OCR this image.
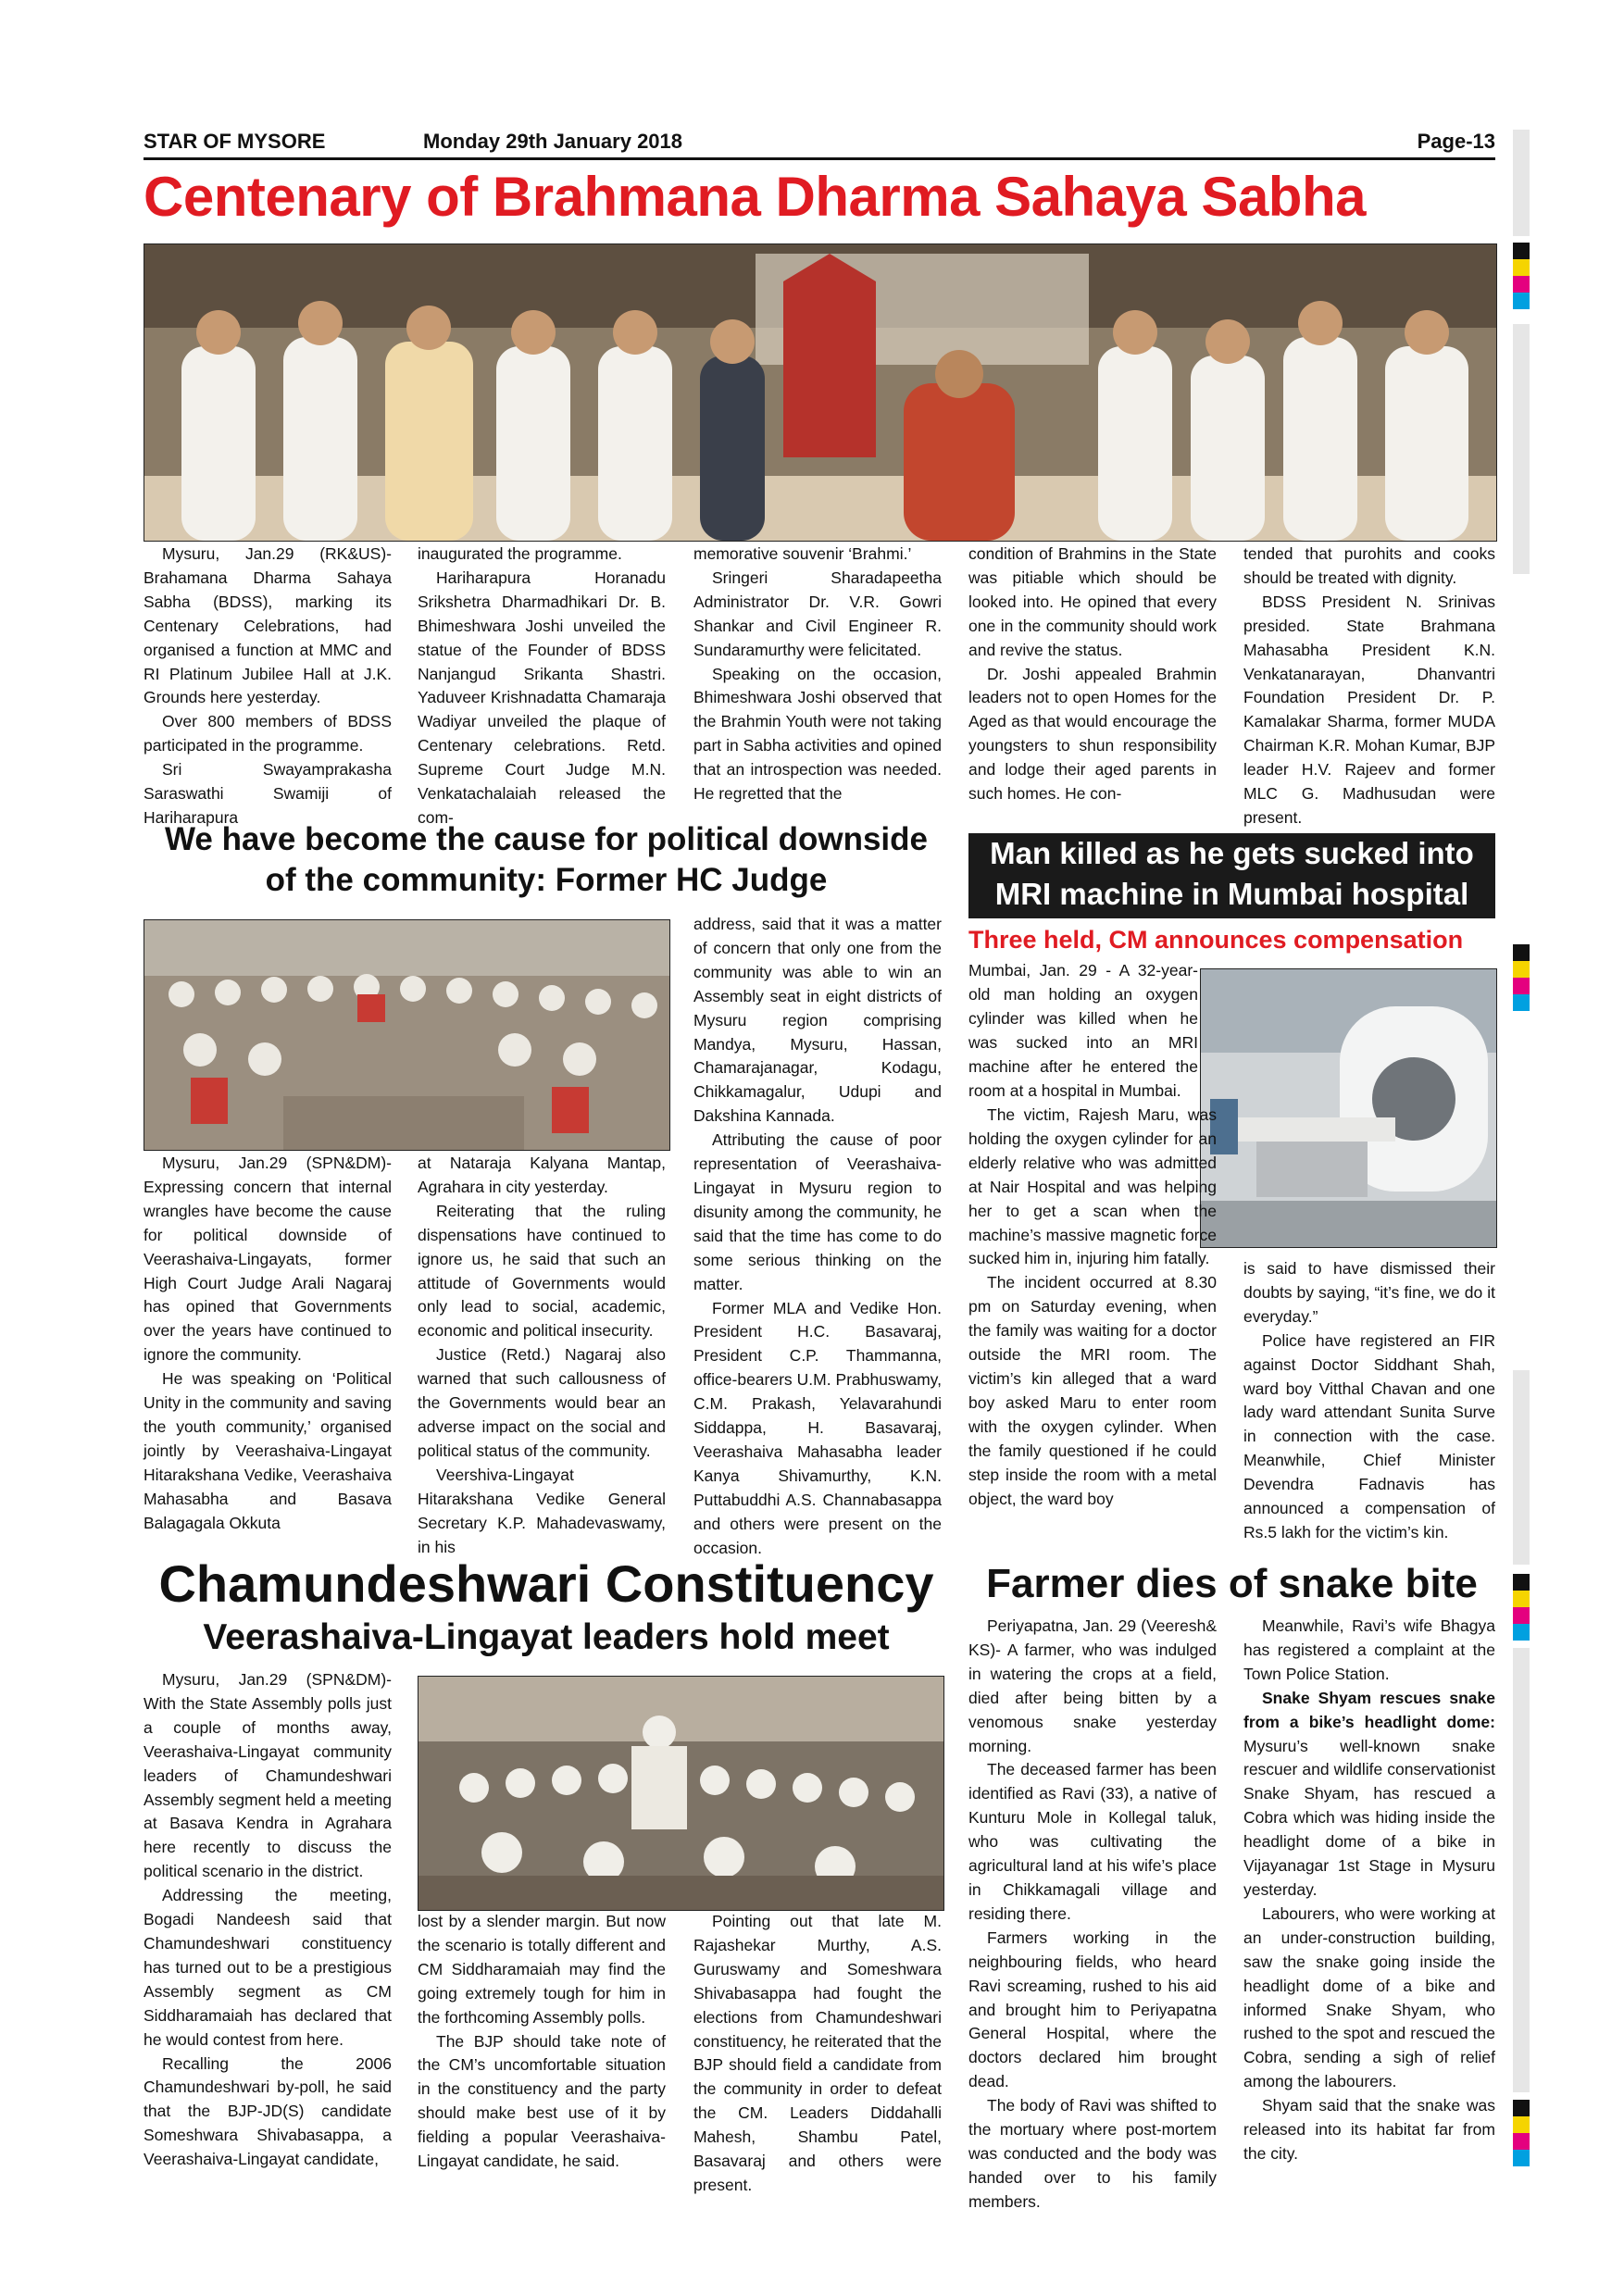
STAR OF MYSORE	Monday 29th January 2018	Page-13
Centenary of Brahmana Dharma Sahaya Sabha

Mysuru, Jan.29 (RK&US)- Brahamana Dharma Sahaya Sabha (BDSS), marking its Centenary Celebrations, had organised a function at MMC and RI Platinum Jubilee Hall at J.K. Grounds here yesterday.

Over 800 members of BDSS participated in the programme.

Sri Swayamprakasha Saraswathi Swamiji of Hariharapura

inaugurated the programme.

Hariharapura Horanadu Srikshetra Dharmadhikari Dr. B. Bhimeshwara Joshi unveiled the statue of the Founder of BDSS Nanjangud Srikanta Shastri. Yaduveer Krishnadatta Chamaraja Wadiyar unveiled the plaque of Centenary celebrations. Retd. Supreme Court Judge M.N. Venkatachalaiah released the com-

memorative souvenir ‘Brahmi.’

Sringeri Sharadapeetha Administrator Dr. V.R. Gowri Shankar and Civil Engineer R. Sundaramurthy were felicitated.

Speaking on the occasion, Bhimeshwara Joshi observed that the Brahmin Youth were not taking part in Sabha activities and opined that an introspection was needed. He regretted that the

condition of Brahmins in the State was pitiable which should be looked into. He opined that every one in the community should work and revive the status.

Dr. Joshi appealed Brahmin leaders not to open Homes for the Aged as that would encourage the youngsters to shun responsibility and lodge their aged parents in such homes. He con-

tended that purohits and cooks should be treated with dignity.

BDSS President N. Srinivas presided. State Brahmana Mahasabha President K.N. Venkatanarayan, Dhanvantri Foundation President Dr. P. Kamalakar Sharma, former MUDA Chairman K.R. Mohan Kumar, BJP leader H.V. Rajeev and former MLC G. Madhusudan were present.

We have become the cause for political downside
of the community: Former HC Judge

Mysuru, Jan.29 (SPN&DM)- Expressing concern that internal wrangles have become the cause for political downside of Veerashaiva-Lingayats, former High Court Judge Arali Nagaraj has opined that Governments over the years have continued to ignore the community.

He was speaking on ‘Political Unity in the community and saving the youth community,’ organised jointly by Veerashaiva-Lingayat Hitarakshana Vedike, Veerashaiva Mahasabha and Basava Balagagala Okkuta

at Nataraja Kalyana Mantap, Agrahara in city yesterday.

Reiterating that the ruling dispensations have continued to ignore us, he said that such an attitude of Governments would only lead to social, academic, economic and political insecurity.

Justice (Retd.) Nagaraj also warned that such callousness of the Governments would bear an adverse impact on the social and political status of the community.

Veershiva-Lingayat Hitarakshana Vedike General Secretary K.P. Mahadevaswamy, in his

address, said that it was a matter of concern that only one from the community was able to win an Assembly seat in eight districts of Mysuru region comprising Mandya, Mysuru, Hassan, Chamarajanagar, Kodagu, Chikkamagalur, Udupi and Dakshina Kannada.

Attributing the cause of poor representation of Veerashaiva-Lingayat in Mysuru region to disunity among the community, he said that the time has come to do some serious thinking on the matter.

Former MLA and Vedike Hon. President H.C. Basavaraj, President C.P. Thammanna, office-bearers U.M. Prabhuswamy, C.M. Prakash, Yelavarahundi Siddappa, H. Basavaraj, Veerashaiva Mahasabha leader Kanya Shivamurthy, K.N. Puttabuddhi A.S. Channabasappa and others were present on the occasion.

Man killed as he gets sucked into MRI machine in Mumbai hospital
Three held, CM announces compensation

Mumbai, Jan. 29 - A 32-year-old man holding an oxygen cylinder was killed when he was sucked into an MRI machine after he entered the room at a hospital in Mumbai.

The victim, Rajesh Maru, was holding the oxygen cylinder for an elderly relative who was admitted at Nair Hospital and was helping her to get a scan when the machine’s massive magnetic force sucked him in, injuring him fatally.

The incident occurred at 8.30 pm on Saturday evening, when the family was waiting for a doctor outside the MRI room. The victim’s kin alleged that a ward boy asked Maru to enter room with the oxygen cylinder. When the family questioned if he could step inside the room with a metal object, the ward boy

is said to have dismissed their doubts by saying, “it’s fine, we do it everyday.”

Police have registered an FIR against Doctor Siddhant Shah, ward boy Vitthal Chavan and one lady ward attendant Sunita Surve in connection with the case. Meanwhile, Chief Minister Devendra Fadnavis has announced a compensation of Rs.5 lakh for the victim’s kin.

Chamundeshwari Constituency
Veerashaiva-Lingayat leaders hold meet

Mysuru, Jan.29 (SPN&DM)- With the State Assembly polls just a couple of months away, Veerashaiva-Lingayat community leaders of Chamundeshwari Assembly segment held a meeting at Basava Kendra in Agrahara here recently to discuss the political scenario in the district.

Addressing the meeting, Bogadi Nandeesh said that Chamundeshwari constituency has turned out to be a prestigious Assembly segment as CM Siddharamaiah has declared that he would contest from here.

Recalling the 2006 Chamundeshwari by-poll, he said that the BJP-JD(S) candidate Someshwara Shivabasappa, a Veerashaiva-Lingayat candidate,

lost by a slender margin. But now the scenario is totally different and CM Siddharamaiah may find the going extremely tough for him in the forthcoming Assembly polls.

The BJP should take note of the CM’s uncomfortable situation in the constituency and the party should make best use of it by fielding a popular Veerashaiva-Lingayat candidate, he said.

Pointing out that late M. Rajashekar Murthy, A.S. Guruswamy and Someshwara Shivabasappa had fought the elections from Chamundeshwari constituency, he reiterated that the BJP should field a candidate from the community in order to defeat the CM. Leaders Diddahalli Mahesh, Shambu Patel, Basavaraj and others were present.

Farmer dies of snake bite

Periyapatna, Jan. 29 (Veeresh& KS)- A farmer, who was indulged in watering the crops at a field, died after being bitten by a venomous snake yesterday morning.

The deceased farmer has been identified as Ravi (33), a native of Kunturu Mole in Kollegal taluk, who was cultivating the agricultural land at his wife’s place in Chikkamagali village and residing there.

Farmers working in the neighbouring fields, who heard Ravi screaming, rushed to his aid and brought him to Periyapatna General Hospital, where the doctors declared him brought dead.

The body of Ravi was shifted to the mortuary where post-mortem was conducted and the body was handed over to his family members.

Meanwhile, Ravi’s wife Bhagya has registered a complaint at the Town Police Station.

Snake Shyam rescues snake from a bike’s headlight dome: Mysuru’s well-known snake rescuer and wildlife conservationist Snake Shyam, has rescued a Cobra which was hiding inside the headlight dome of a bike in Vijayanagar 1st Stage in Mysuru yesterday.

Labourers, who were working at an under-construction building, saw the snake going inside the headlight dome of a bike and informed Snake Shyam, who rushed to the spot and rescued the Cobra, sending a sigh of relief among the labourers.

Shyam said that the snake was released into its habitat far from the city.
